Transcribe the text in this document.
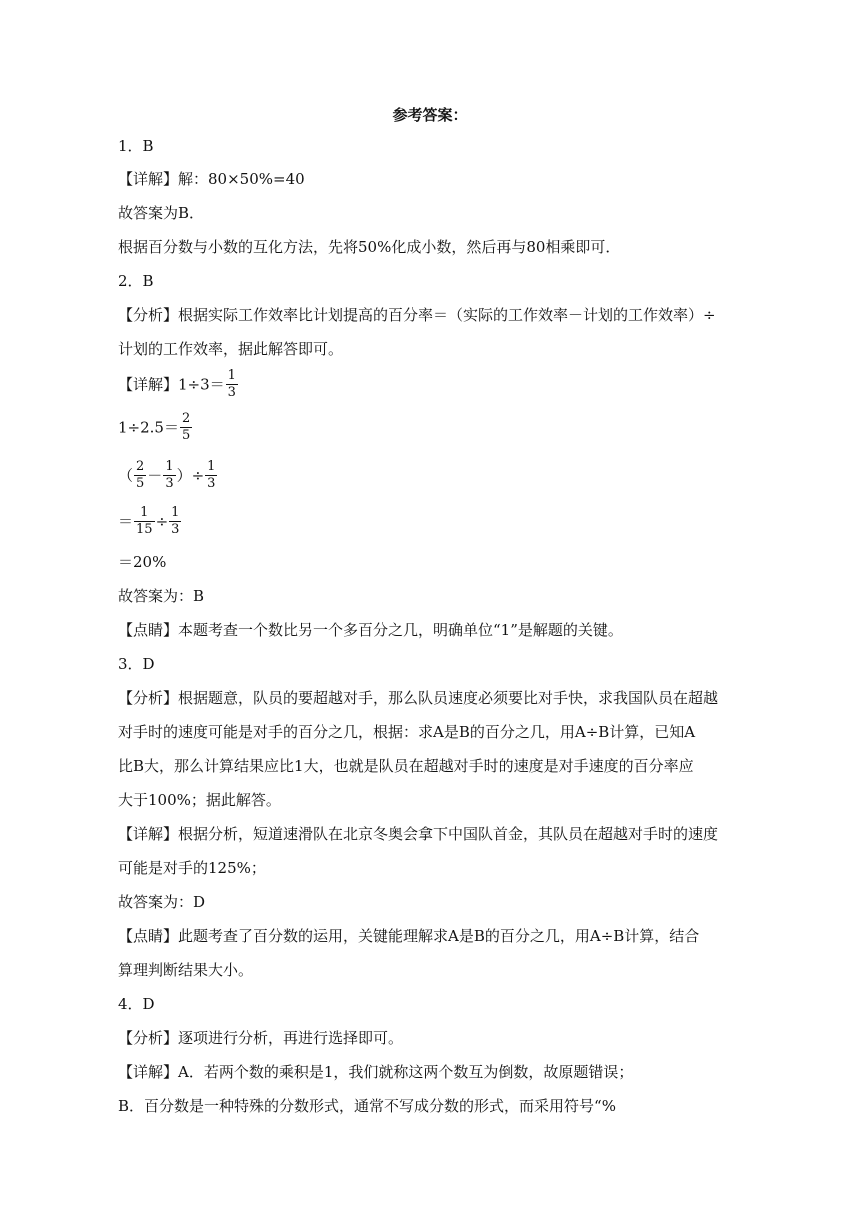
参考答案：
1．B
【详解】解：80×50%=40
故答案为B．
根据百分数与小数的互化方法，先将50%化成小数，然后再与80相乘即可．
2．B
【分析】根据实际工作效率比计划提高的百分率＝（实际的工作效率－计划的工作效率）÷
计划的工作效率，据此解答即可。
【详解】$1\div 3= \frac{1}{3}$
$1\div 2.5= \frac{2}{5}$
（ $\frac{2}{5} - \frac{1}{3}$ ）÷ $\frac{1}{3}$
＝ $\frac{1}{15} \div \frac{1}{3}$
＝20%
故答案为：B
【点睛】本题考查一个数比另一个多百分之几，明确单位“1”是解题的关键。
3．D
【分析】根据题意，队员的要超越对手，那么队员速度必须要比对手快，求我国队员在超越
对手时的速度可能是对手的百分之几，根据：求A是B的百分之几，用A÷B计算，已知A
比B大，那么计算结果应比1大，也就是队员在超越对手时的速度是对手速度的百分率应
大于100%；据此解答。
【详解】根据分析，短道速滑队在北京冬奥会拿下中国队首金，其队员在超越对手时的速度
可能是对手的125%；
故答案为：D
【点睛】此题考查了百分数的运用，关键能理解求A是B的百分之几，用A÷B计算，结合
算理判断结果大小。
4．D
【分析】逐项进行分析，再进行选择即可。
【详解】A．若两个数的乘积是1，我们就称这两个数互为倒数，故原题错误；
B．百分数是一种特殊的分数形式，通常不写成分数的形式，而采用符号“%
